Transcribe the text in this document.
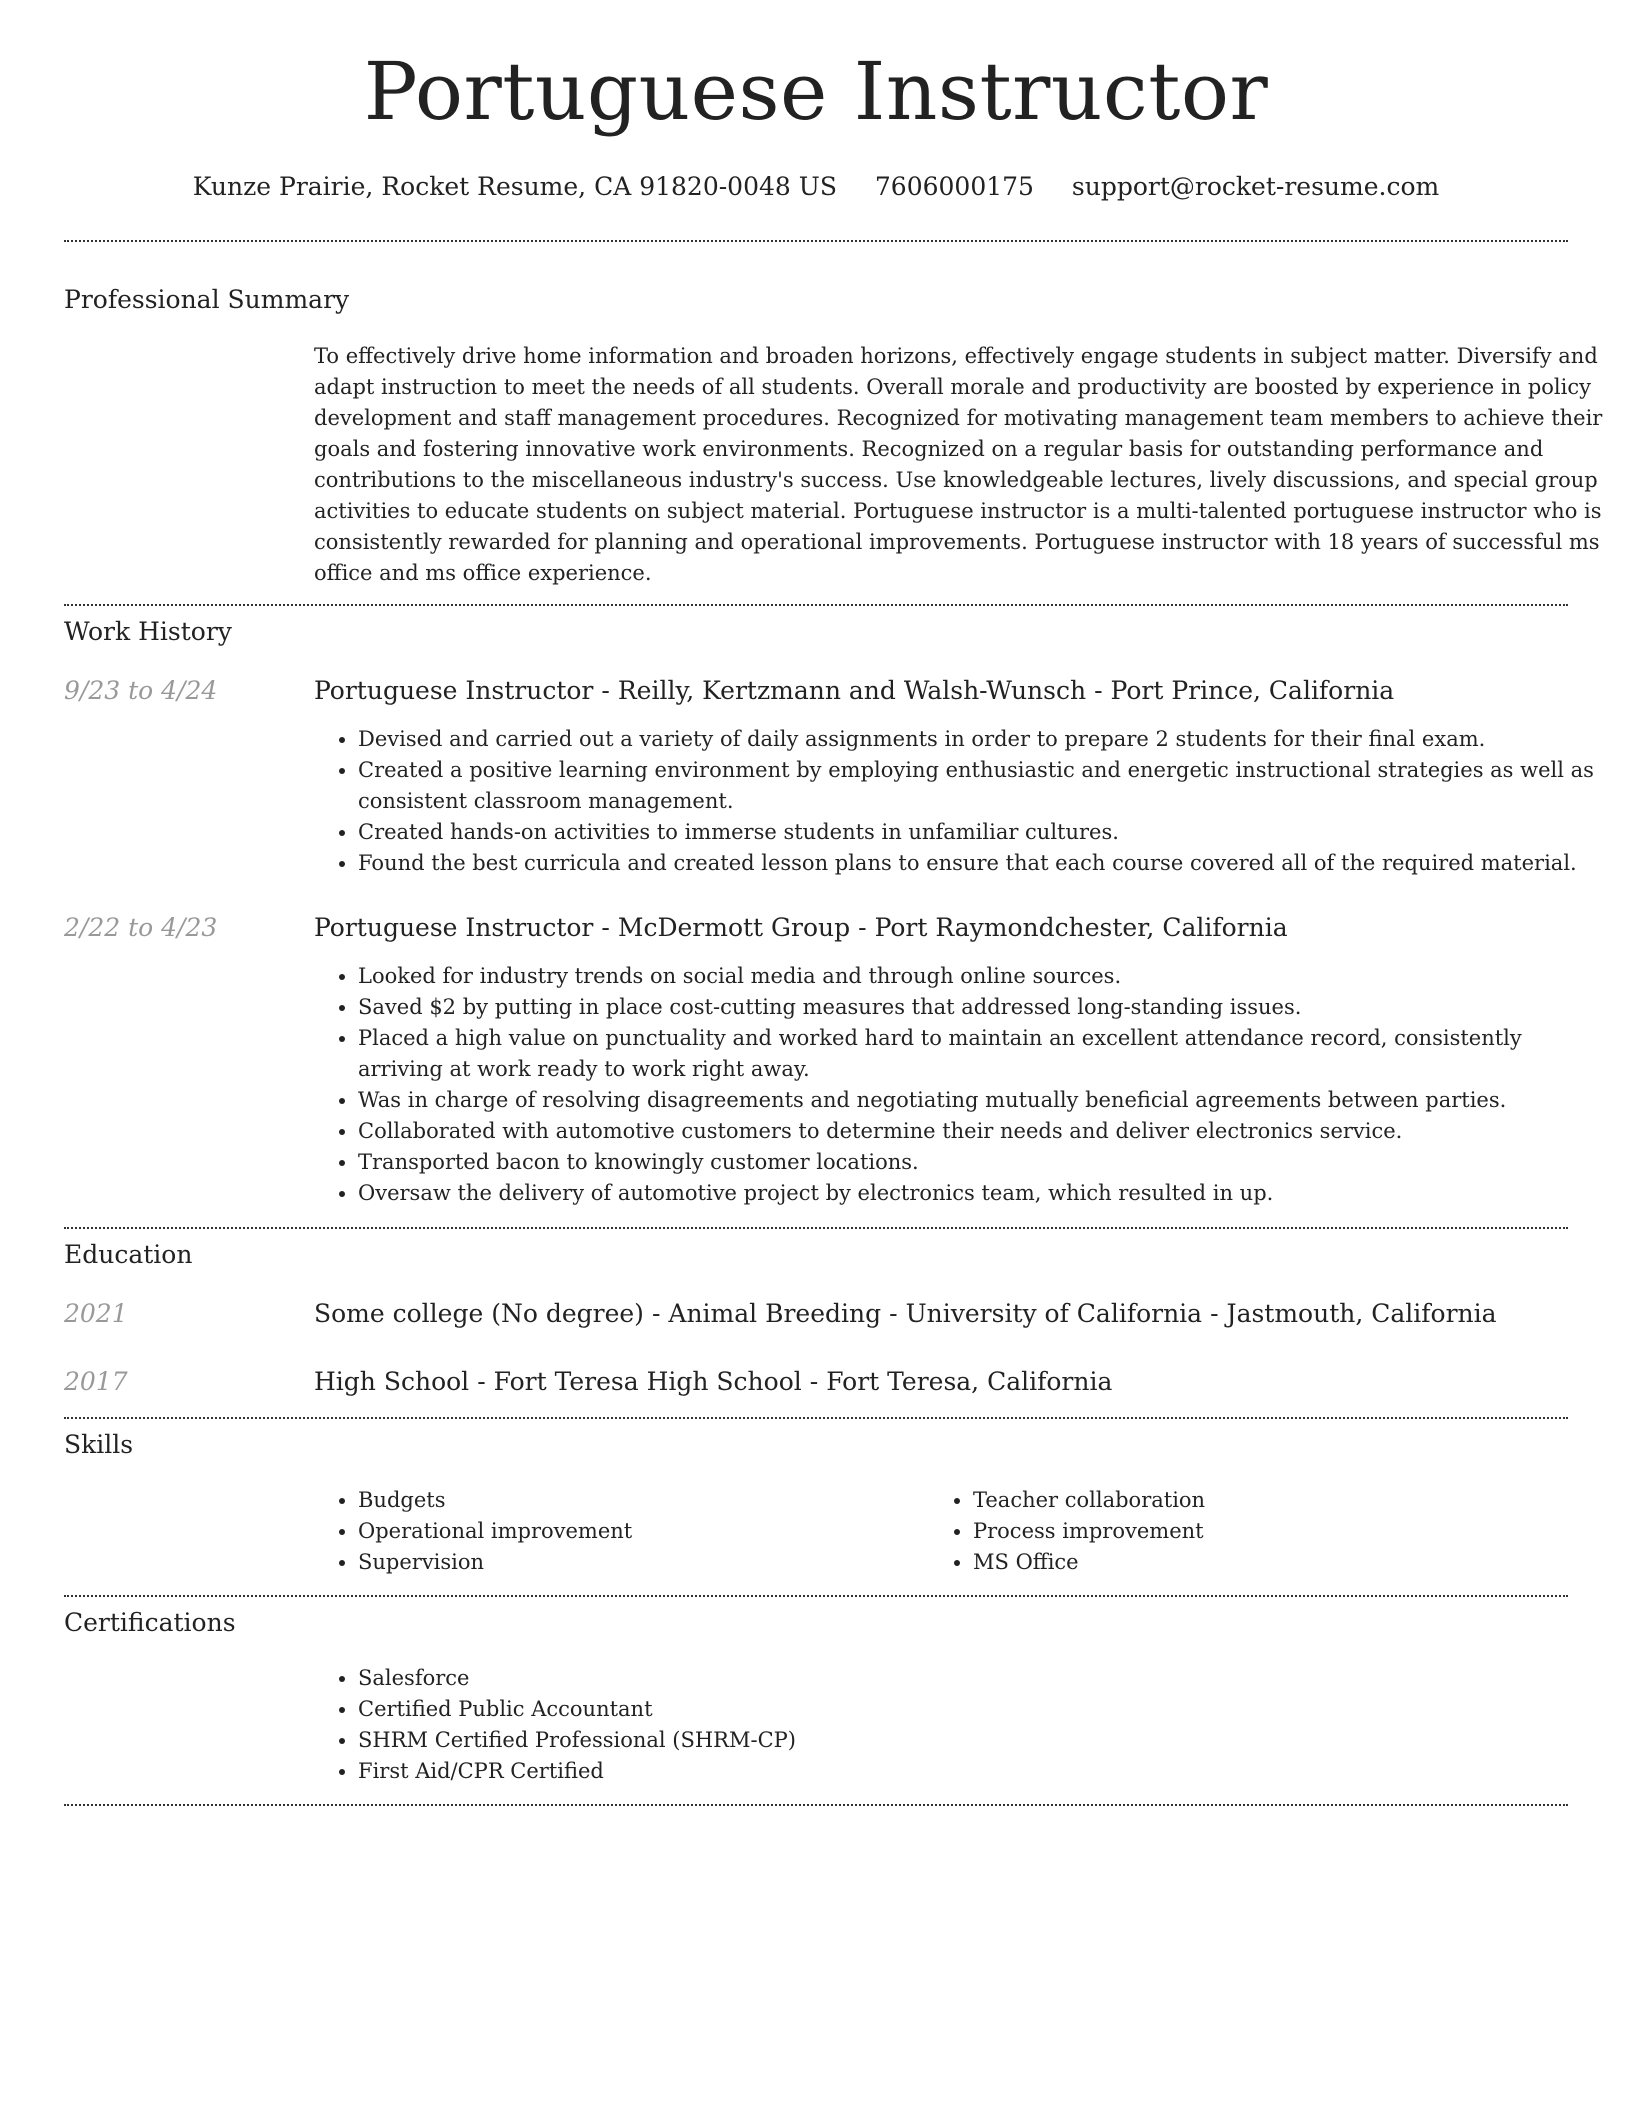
Portuguese Instructor
Kunze Prairie, Rocket Resume, CA 91820-0048 US 7606000175 support@rocket-resume.com
Professional Summary
To effectively drive home information and broaden horizons, effectively engage students in subject matter. Diversify and adapt instruction to meet the needs of all students. Overall morale and productivity are boosted by experience in policy development and staff management procedures. Recognized for motivating management team members to achieve their goals and fostering innovative work environments. Recognized on a regular basis for outstanding performance and contributions to the miscellaneous industry's success. Use knowledgeable lectures, lively discussions, and special group activities to educate students on subject material. Portuguese instructor is a multi-talented portuguese instructor who is consistently rewarded for planning and operational improvements. Portuguese instructor with 18 years of successful ms office and ms office experience.
Work History
9/23 to 4/24	Portuguese Instructor - Reilly, Kertzmann and Walsh-Wunsch - Port Prince, California
• Devised and carried out a variety of daily assignments in order to prepare 2 students for their final exam.
• Created a positive learning environment by employing enthusiastic and energetic instructional strategies as well as consistent classroom management.
• Created hands-on activities to immerse students in unfamiliar cultures.
• Found the best curricula and created lesson plans to ensure that each course covered all of the required material.
2/22 to 4/23	Portuguese Instructor - McDermott Group - Port Raymondchester, California
• Looked for industry trends on social media and through online sources.
• Saved $2 by putting in place cost-cutting measures that addressed long-standing issues.
• Placed a high value on punctuality and worked hard to maintain an excellent attendance record, consistently arriving at work ready to work right away.
• Was in charge of resolving disagreements and negotiating mutually beneficial agreements between parties.
• Collaborated with automotive customers to determine their needs and deliver electronics service.
• Transported bacon to knowingly customer locations.
• Oversaw the delivery of automotive project by electronics team, which resulted in up.
Education
2021	Some college (No degree) - Animal Breeding - University of California - Jastmouth, California
2017	High School - Fort Teresa High School - Fort Teresa, California
Skills
• Budgets
• Operational improvement
• Supervision
• Teacher collaboration
• Process improvement
• MS Office
Certifications
• Salesforce
• Certified Public Accountant
• SHRM Certified Professional (SHRM-CP)
• First Aid/CPR Certified
